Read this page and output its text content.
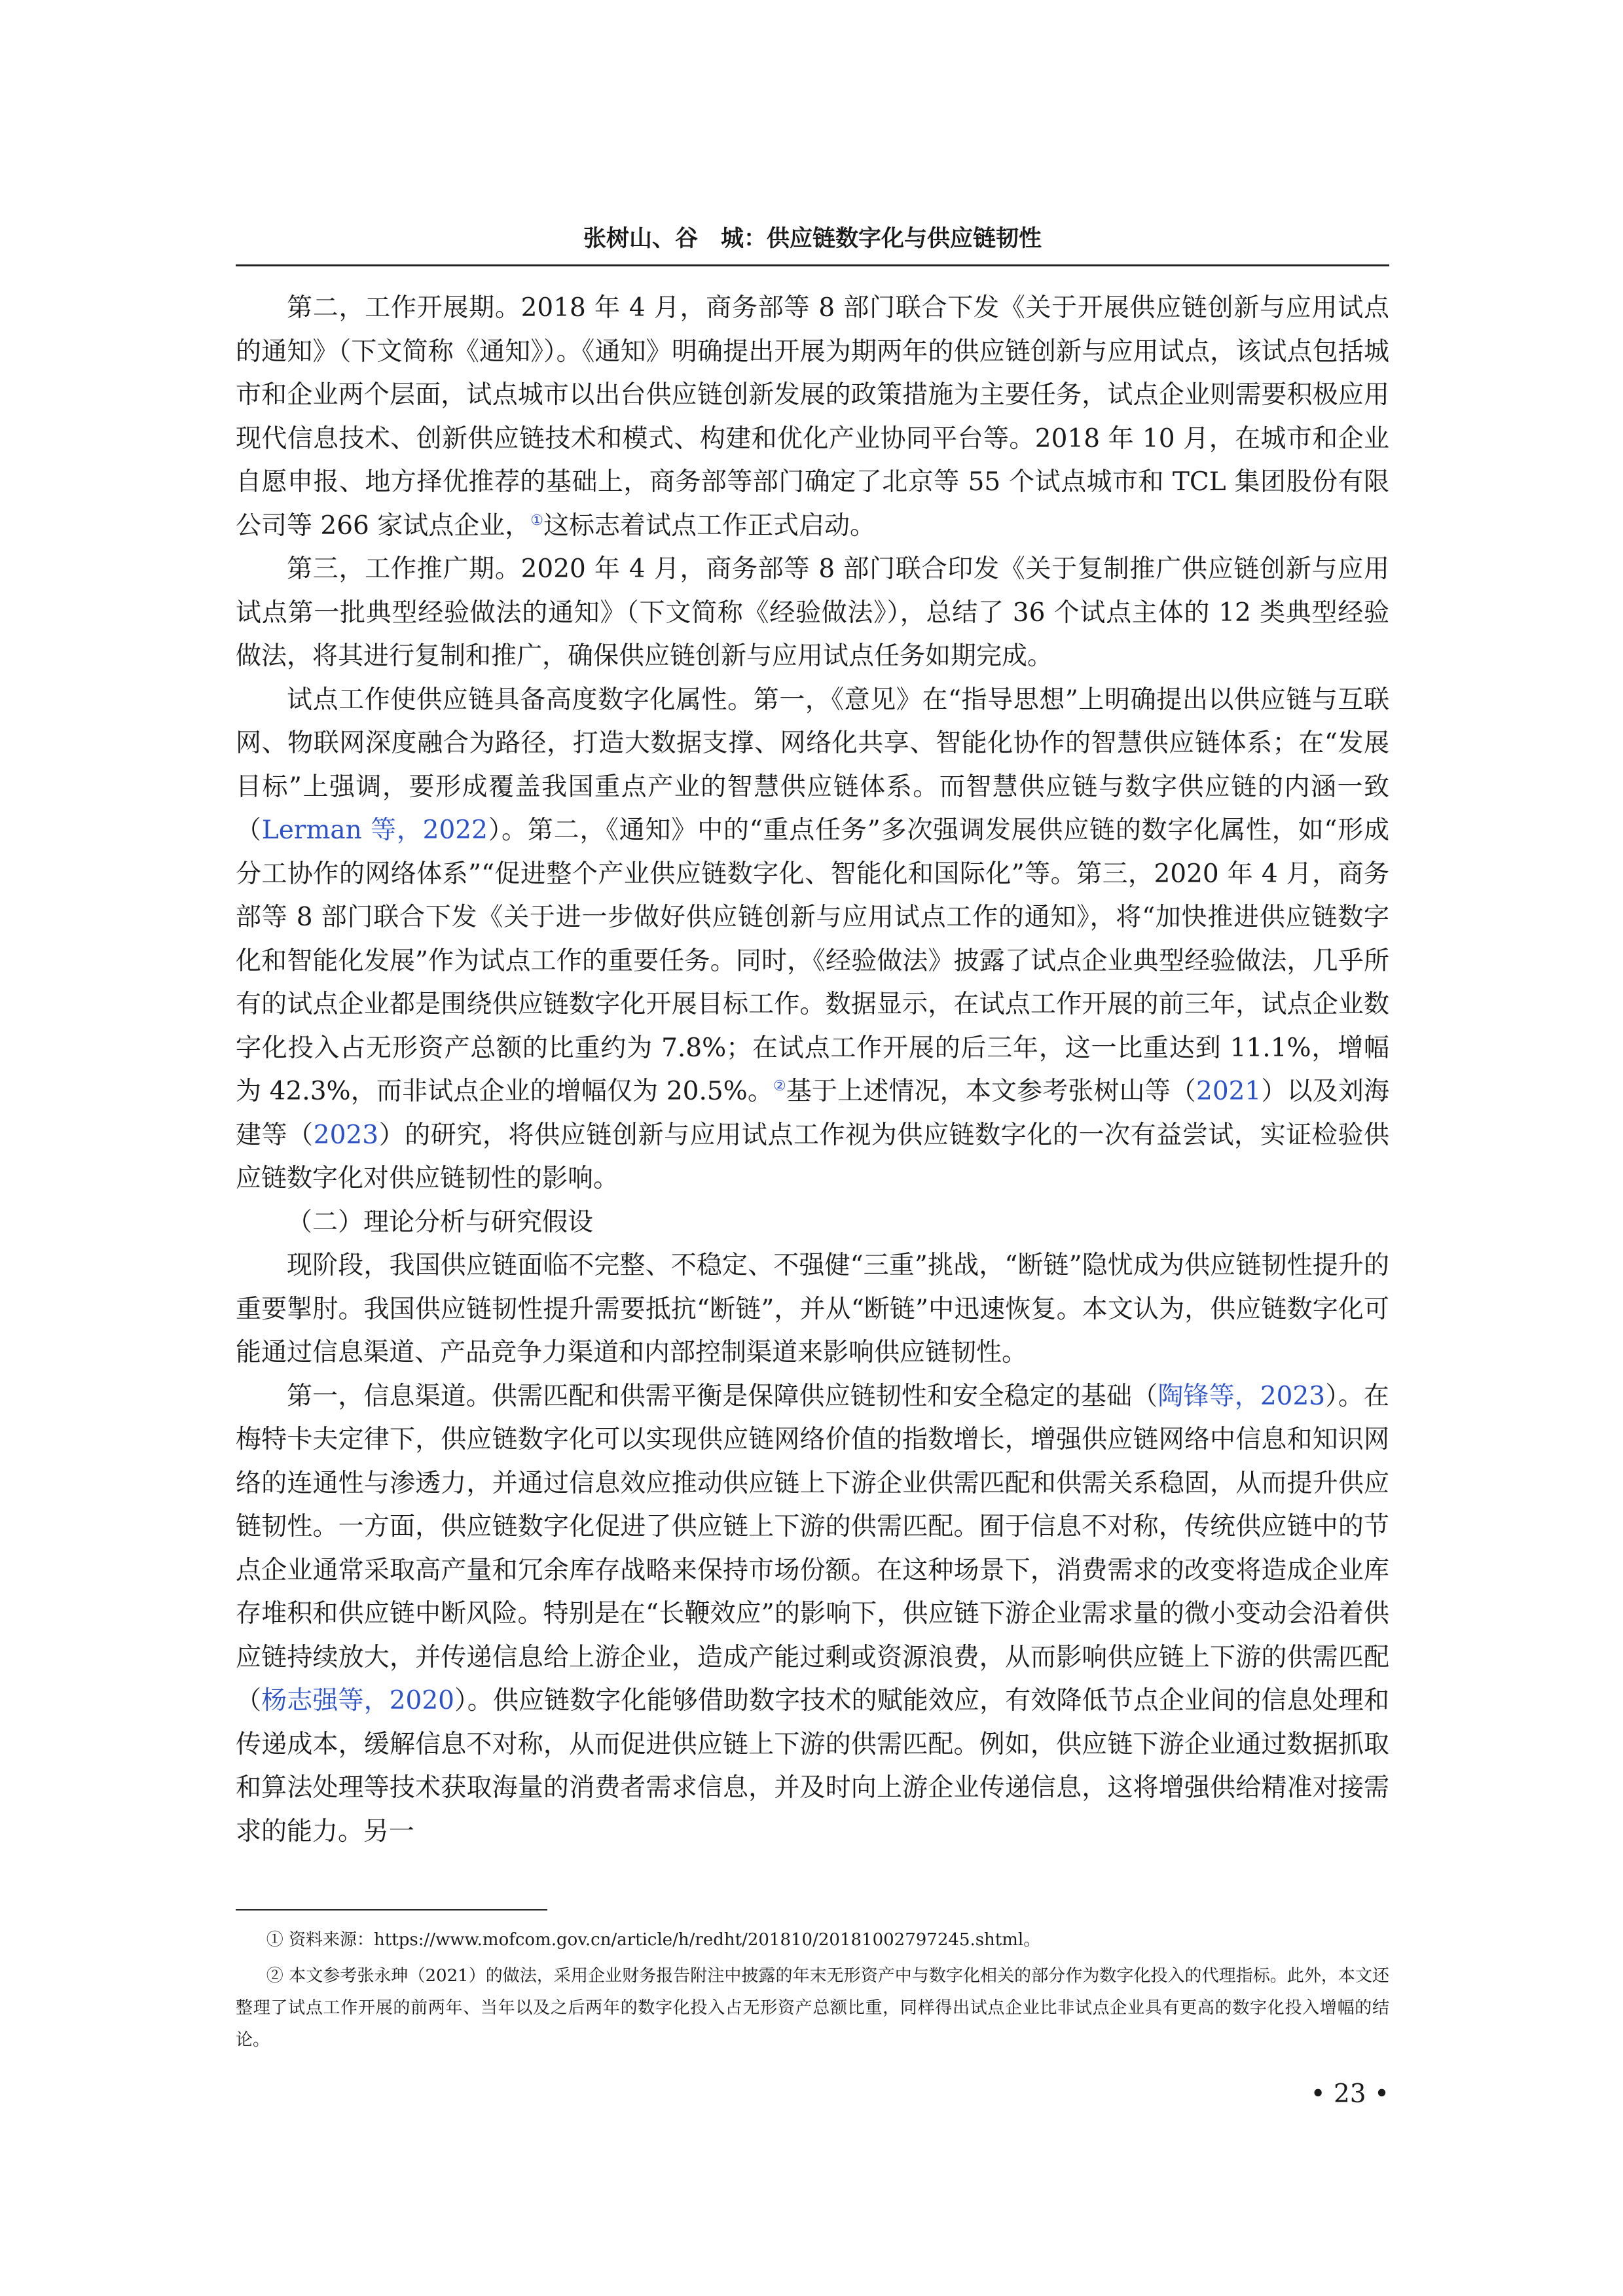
张树山、谷　城：供应链数字化与供应链韧性

第二，工作开展期。2018 年 4 月，商务部等 8 部门联合下发《关于开展供应链创新与应用试点的通知》（下文简称《通知》）。《通知》明确提出开展为期两年的供应链创新与应用试点，该试点包括城市和企业两个层面，试点城市以出台供应链创新发展的政策措施为主要任务，试点企业则需要积极应用现代信息技术、创新供应链技术和模式、构建和优化产业协同平台等。2018 年 10 月，在城市和企业自愿申报、地方择优推荐的基础上，商务部等部门确定了北京等 55 个试点城市和 TCL 集团股份有限公司等 266 家试点企业，①这标志着试点工作正式启动。

第三，工作推广期。2020 年 4 月，商务部等 8 部门联合印发《关于复制推广供应链创新与应用试点第一批典型经验做法的通知》（下文简称《经验做法》），总结了 36 个试点主体的 12 类典型经验做法，将其进行复制和推广，确保供应链创新与应用试点任务如期完成。

试点工作使供应链具备高度数字化属性。第一，《意见》在“指导思想”上明确提出以供应链与互联网、物联网深度融合为路径，打造大数据支撑、网络化共享、智能化协作的智慧供应链体系；在“发展目标”上强调，要形成覆盖我国重点产业的智慧供应链体系。而智慧供应链与数字供应链的内涵一致（Lerman 等，2022）。第二，《通知》中的“重点任务”多次强调发展供应链的数字化属性，如“形成分工协作的网络体系”“促进整个产业供应链数字化、智能化和国际化”等。第三，2020 年 4 月，商务部等 8 部门联合下发《关于进一步做好供应链创新与应用试点工作的通知》，将“加快推进供应链数字化和智能化发展”作为试点工作的重要任务。同时，《经验做法》披露了试点企业典型经验做法，几乎所有的试点企业都是围绕供应链数字化开展目标工作。数据显示，在试点工作开展的前三年，试点企业数字化投入占无形资产总额的比重约为 7.8%；在试点工作开展的后三年，这一比重达到 11.1%，增幅为 42.3%，而非试点企业的增幅仅为 20.5%。②基于上述情况，本文参考张树山等（2021）以及刘海建等（2023）的研究，将供应链创新与应用试点工作视为供应链数字化的一次有益尝试，实证检验供应链数字化对供应链韧性的影响。

（二）理论分析与研究假设

现阶段，我国供应链面临不完整、不稳定、不强健“三重”挑战，“断链”隐忧成为供应链韧性提升的重要掣肘。我国供应链韧性提升需要抵抗“断链”，并从“断链”中迅速恢复。本文认为，供应链数字化可能通过信息渠道、产品竞争力渠道和内部控制渠道来影响供应链韧性。

第一，信息渠道。供需匹配和供需平衡是保障供应链韧性和安全稳定的基础（陶锋等，2023）。在梅特卡夫定律下，供应链数字化可以实现供应链网络价值的指数增长，增强供应链网络中信息和知识网络的连通性与渗透力，并通过信息效应推动供应链上下游企业供需匹配和供需关系稳固，从而提升供应链韧性。一方面，供应链数字化促进了供应链上下游的供需匹配。囿于信息不对称，传统供应链中的节点企业通常采取高产量和冗余库存战略来保持市场份额。在这种场景下，消费需求的改变将造成企业库存堆积和供应链中断风险。特别是在“长鞭效应”的影响下，供应链下游企业需求量的微小变动会沿着供应链持续放大，并传递信息给上游企业，造成产能过剩或资源浪费，从而影响供应链上下游的供需匹配（杨志强等，2020）。供应链数字化能够借助数字技术的赋能效应，有效降低节点企业间的信息处理和传递成本，缓解信息不对称，从而促进供应链上下游的供需匹配。例如，供应链下游企业通过数据抓取和算法处理等技术获取海量的消费者需求信息，并及时向上游企业传递信息，这将增强供给精准对接需求的能力。另一

① 资料来源：https://www.mofcom.gov.cn/article/h/redht/201810/20181002797245.shtml。

② 本文参考张永珅（2021）的做法，采用企业财务报告附注中披露的年末无形资产中与数字化相关的部分作为数字化投入的代理指标。此外，本文还整理了试点工作开展的前两年、当年以及之后两年的数字化投入占无形资产总额比重，同样得出试点企业比非试点企业具有更高的数字化投入增幅的结论。

• 23 •
